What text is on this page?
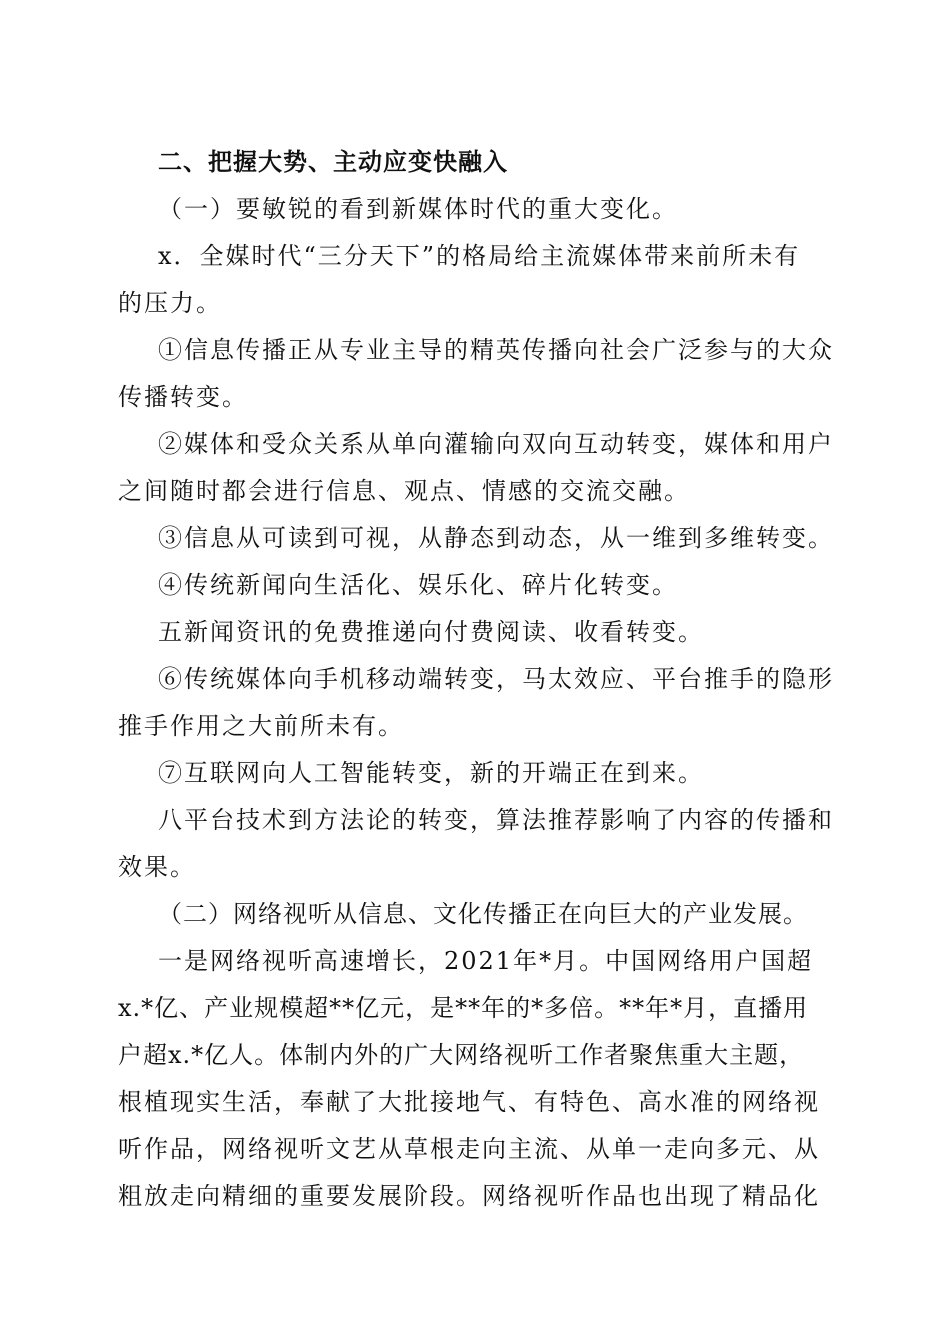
二、把握大势、主动应变快融入
（一）要敏锐的看到新媒体时代的重大变化。
x．全媒时代“三分天下”的格局给主流媒体带来前所未有
的压力。
①信息传播正从专业主导的精英传播向社会广泛参与的大众
传播转变。
②媒体和受众关系从单向灌输向双向互动转变，媒体和用户
之间随时都会进行信息、观点、情感的交流交融。
③信息从可读到可视，从静态到动态，从一维到多维转变。
④传统新闻向生活化、娱乐化、碎片化转变。
五新闻资讯的免费推递向付费阅读、收看转变。
⑥传统媒体向手机移动端转变，马太效应、平台推手的隐形
推手作用之大前所未有。
⑦互联网向人工智能转变，新的开端正在到来。
八平台技术到方法论的转变，算法推荐影响了内容的传播和
效果。
（二）网络视听从信息、文化传播正在向巨大的产业发展。
一是网络视听高速增长，2021年*月。中国网络用户国超
x.*亿、产业规模超**亿元，是**年的*多倍。**年*月，直播用
户超x.*亿人。体制内外的广大网络视听工作者聚焦重大主题，
根植现实生活，奉献了大批接地气、有特色、高水准的网络视
听作品，网络视听文艺从草根走向主流、从单一走向多元、从
粗放走向精细的重要发展阶段。网络视听作品也出现了精品化
